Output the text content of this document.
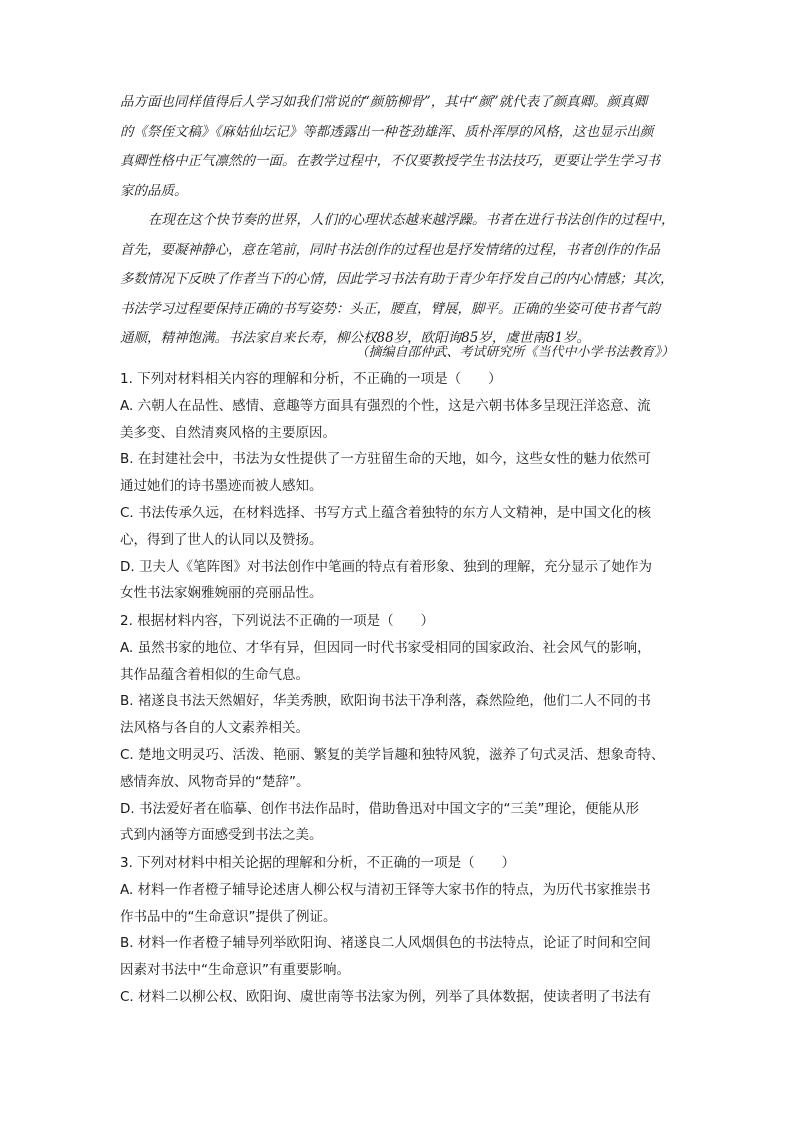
品方面也同样值得后人学习如我们常说的“颜筋柳骨”，其中“颜”就代表了颜真卿。颜真卿
的《祭侄文稿》《麻姑仙坛记》等都透露出一种苍劲雄浑、质朴浑厚的风格，这也显示出颜
真卿性格中正气凛然的一面。在教学过程中，不仅要教授学生书法技巧，更要让学生学习书
家的品质。
在现在这个快节奏的世界，人们的心理状态越来越浮躁。书者在进行书法创作的过程中，
首先，要凝神静心，意在笔前，同时书法创作的过程也是抒发情绪的过程，书者创作的作品
多数情况下反映了作者当下的心情，因此学习书法有助于青少年抒发自己的内心情感；其次，
书法学习过程要保持正确的书写姿势：头正，腰直，臂展，脚平。正确的坐姿可使书者气韵
通顺，精神饱满。书法家自来长寿，柳公权88岁，欧阳询85岁，虞世南81岁。
（摘编自邵仲武、考试研究所《当代中小学书法教育》）
1. 下列对材料相关内容的理解和分析，不正确的一项是（　　）
A. 六朝人在品性、感情、意趣等方面具有强烈的个性，这是六朝书体多呈现汪洋恣意、流
美多变、自然清爽风格的主要原因。
B. 在封建社会中，书法为女性提供了一方驻留生命的天地，如今，这些女性的魅力依然可
通过她们的诗书墨迹而被人感知。
C. 书法传承久远，在材料选择、书写方式上蕴含着独特的东方人文精神，是中国文化的核
心，得到了世人的认同以及赞扬。
D. 卫夫人《笔阵图》对书法创作中笔画的特点有着形象、独到的理解，充分显示了她作为
女性书法家娴雅婉丽的亮丽品性。
2. 根据材料内容，下列说法不正确的一项是（　　）
A. 虽然书家的地位、才华有异，但因同一时代书家受相同的国家政治、社会风气的影响，
其作品蕴含着相似的生命气息。
B. 褚遂良书法天然媚好，华美秀腴，欧阳询书法干净利落，森然险绝，他们二人不同的书
法风格与各自的人文素养相关。
C. 楚地文明灵巧、活泼、艳丽、繁复的美学旨趣和独特风貌，滋养了句式灵活、想象奇特、
感情奔放、风物奇异的“楚辞”。
D. 书法爱好者在临摹、创作书法作品时，借助鲁迅对中国文字的“三美”理论，便能从形
式到内涵等方面感受到书法之美。
3. 下列对材料中相关论据的理解和分析，不正确的一项是（　　）
A. 材料一作者橙子辅导论述唐人柳公权与清初王铎等大家书作的特点，为历代书家推崇书
作书品中的“生命意识”提供了例证。
B. 材料一作者橙子辅导列举欧阳询、褚遂良二人风烟俱色的书法特点，论证了时间和空间
因素对书法中“生命意识”有重要影响。
C. 材料二以柳公权、欧阳询、虞世南等书法家为例，列举了具体数据，使读者明了书法有
